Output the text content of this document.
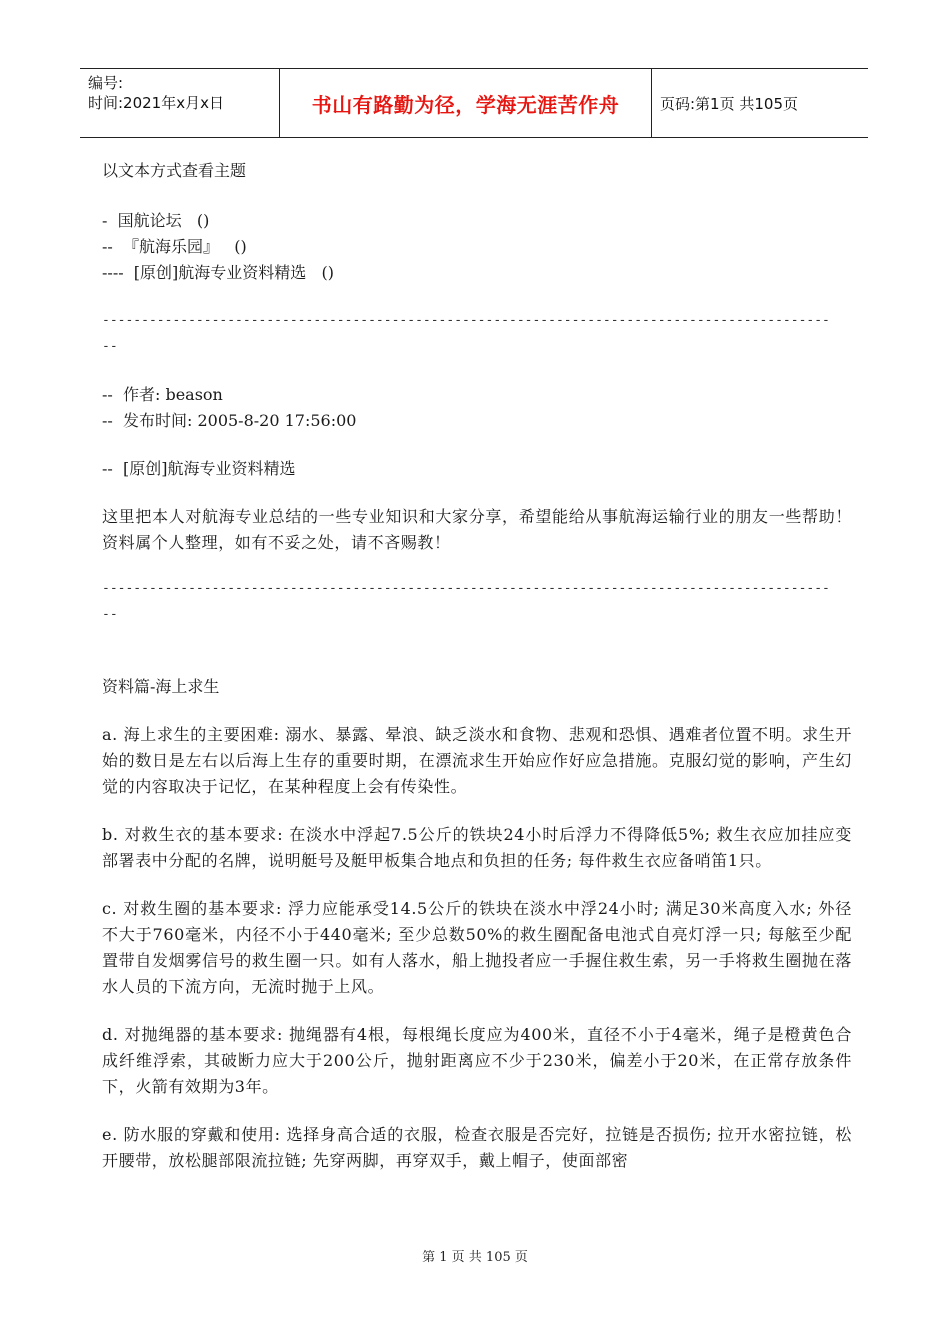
编号:
时间:2021年x月x日	书山有路勤为径，学海无涯苦作舟	页码:第1页 共105页
以文本方式查看主题
-  国航论坛   ()
--  『航海乐园』   ()
----  [原创]航海专业资料精选   ()
---------------------------------------------------------------------------------------------
--
--  作者: beason
--  发布时间: 2005-8-20 17:56:00
--  [原创]航海专业资料精选
这里把本人对航海专业总结的一些专业知识和大家分享，希望能给从事航海运输行业的朋友一些帮助！资料属个人整理，如有不妥之处，请不吝赐教！
---------------------------------------------------------------------------------------------
--
资料篇-海上求生
a. 海上求生的主要困难: 溺水、暴露、晕浪、缺乏淡水和食物、悲观和恐惧、遇难者位置不明。求生开始的数日是左右以后海上生存的重要时期，在漂流求生开始应作好应急措施。克服幻觉的影响，产生幻觉的内容取决于记忆，在某种程度上会有传染性。
b. 对救生衣的基本要求: 在淡水中浮起7.5公斤的铁块24小时后浮力不得降低5%; 救生衣应加挂应变部署表中分配的名牌，说明艇号及艇甲板集合地点和负担的任务; 每件救生衣应备哨笛1只。
c. 对救生圈的基本要求: 浮力应能承受14.5公斤的铁块在淡水中浮24小时; 满足30米高度入水; 外径不大于760毫米，内径不小于440毫米; 至少总数50%的救生圈配备电池式自亮灯浮一只; 每舷至少配置带自发烟雾信号的救生圈一只。如有人落水，船上抛投者应一手握住救生索，另一手将救生圈抛在落水人员的下流方向，无流时抛于上风。
d. 对抛绳器的基本要求: 抛绳器有4根，每根绳长度应为400米，直径不小于4毫米，绳子是橙黄色合成纤维浮索，其破断力应大于200公斤，抛射距离应不少于230米，偏差小于20米，在正常存放条件下，火箭有效期为3年。
e. 防水服的穿戴和使用: 选择身高合适的衣服，检查衣服是否完好，拉链是否损伤; 拉开水密拉链，松开腰带，放松腿部限流拉链; 先穿两脚，再穿双手，戴上帽子，使面部密
第 1 页 共 105 页
